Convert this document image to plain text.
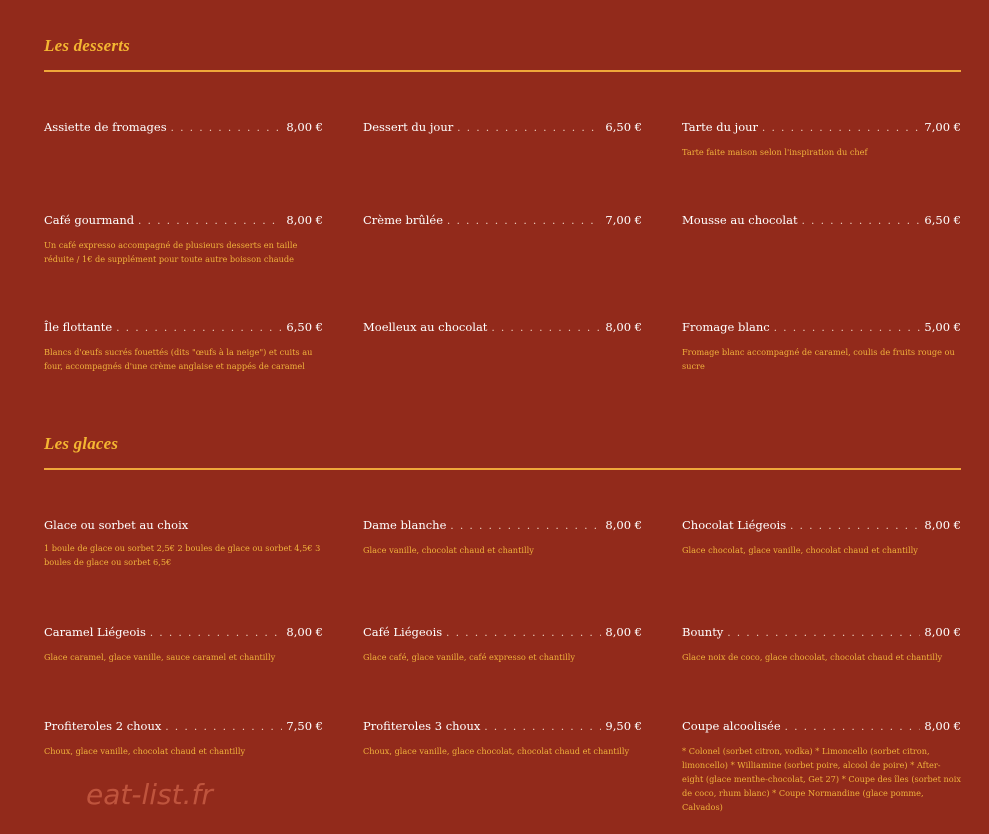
Les desserts
Assiette de fromages . . .	8,00 €	Dessert du jour . . .	6,50 €	Tarte du jour . . .	7,00 €
Tarte faite maison selon l'inspiration du chef
Café gourmand . . .	8,00 €
Un café expresso accompagné de plusieurs desserts en taille réduite / 1€ de supplément pour toute autre boisson chaude
Crème brûlée . . .	7,00 €	Mousse au chocolat . . .	6,50 €
Île flottante . . .	6,50 €
Blancs d'œufs sucrés fouettés (dits "œufs à la neige") et cuits au four, accompagnés d'une crème anglaise et nappés de caramel
Moelleux au chocolat . . .	8,00 €	Fromage blanc . . .	5,00 €
Fromage blanc accompagné de caramel, coulis de fruits rouge ou sucre
Les glaces
Glace ou sorbet au choix
1 boule de glace ou sorbet 2,5€ 2 boules de glace ou sorbet 4,5€ 3 boules de glace ou sorbet 6,5€
Dame blanche . . .	8,00 €
Glace vanille, chocolat chaud et chantilly
Chocolat Liégeois . . .	8,00 €
Glace chocolat, glace vanille, chocolat chaud et chantilly
Caramel Liégeois . . .	8,00 €
Glace caramel, glace vanille, sauce caramel et chantilly
Café Liégeois . . .	8,00 €
Glace café, glace vanille, café expresso et chantilly
Bounty . . .	8,00 €
Glace noix de coco, glace chocolat, chocolat chaud et chantilly
Profiteroles 2 choux . . .	7,50 €
Choux, glace vanille, chocolat chaud et chantilly
Profiteroles 3 choux . . .	9,50 €
Choux, glace vanille, glace chocolat, chocolat chaud et chantilly
Coupe alcoolisée . . .	8,00 €
* Colonel (sorbet citron, vodka) * Limoncello (sorbet citron, limoncello) * Williamine (sorbet poire, alcool de poire) * After-eight (glace menthe-chocolat, Get 27) * Coupe des îles (sorbet noix de coco, rhum blanc) * Coupe Normandine (glace pomme, Calvados)
eat-list.fr
